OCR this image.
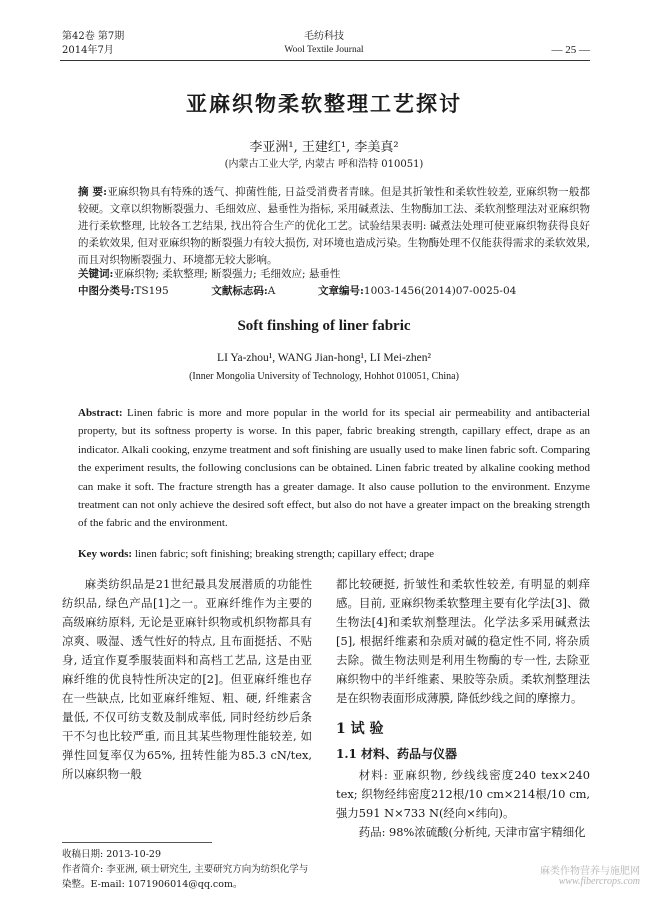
第42卷 第7期
2014年7月
毛纺科技
Wool Textile Journal	— 25 —
亚麻织物柔软整理工艺探讨
李亚洲¹, 王建红¹, 李美真²
(内蒙古工业大学, 内蒙古 呼和浩特 010051)
摘 要:亚麻织物具有特殊的透气、抑菌性能, 日益受消费者青睐。但是其折皱性和柔软性较差, 亚麻织物一般都较硬。文章以织物断裂强力、毛细效应、悬垂性为指标, 采用碱煮法、生物酶加工法、柔软剂整理法对亚麻织物进行柔软整理, 比较各工艺结果, 找出符合生产的优化工艺。试验结果表明: 碱煮法处理可使亚麻织物获得良好的柔软效果, 但对亚麻织物的断裂强力有较大损伤, 对环境也造成污染。生物酶处理不仅能获得需求的柔软效果, 而且对织物断裂强力、环境都无较大影响。
关键词:亚麻织物; 柔软整理; 断裂强力; 毛细效应; 悬垂性
中图分类号:TS195	文献标志码:A	文章编号:1003-1456(2014)07-0025-04
Soft finshing of liner fabric
LI Ya-zhou¹, WANG Jian-hong¹, LI Mei-zhen²
(Inner Mongolia University of Technology, Hohhot 010051, China)
Abstract: Linen fabric is more and more popular in the world for its special air permeability and antibacterial property, but its softness property is worse. In this paper, fabric breaking strength, capillary effect, drape as an indicator. Alkali cooking, enzyme treatment and soft finishing are usually used to make linen fabric soft. Comparing the experiment results, the following conclusions can be obtained. Linen fabric treated by alkaline cooking method can make it soft. The fracture strength has a greater damage. It also cause pollution to the environment. Enzyme treatment can not only achieve the desired soft effect, but also do not have a greater impact on the breaking strength of the fabric and the environment.
Key words: linen fabric; soft finishing; breaking strength; capillary effect; drape

麻类纺织品是21世纪最具发展潜质的功能性纺织品, 绿色产品[1]之一。亚麻纤维作为主要的高级麻纺原料, 无论是亚麻针织物或机织物都具有凉爽、吸湿、透气性好的特点, 且布面挺括、不贴身, 适宜作夏季服装面料和高档工艺品, 这是由亚麻纤维的优良特性所决定的[2]。但亚麻纤维也存在一些缺点, 比如亚麻纤维短、粗、硬, 纤维素含量低, 不仅可纺支数及制成率低, 同时经纺纱后条干不匀也比较严重, 而且其某些物理性能较差, 如弹性回复率仅为65%, 扭转性能为85.3 cN/tex, 所以麻织物一般

收稿日期: 2013-10-29

作者简介: 李亚洲, 硕士研究生, 主要研究方向为纺织化学与染整。E-mail: 1071906014@qq.com。

都比较硬挺, 折皱性和柔软性较差, 有明显的刺痒感。目前, 亚麻织物柔软整理主要有化学法[3]、微生物法[4]和柔软剂整理法。化学法多采用碱煮法[5], 根据纤维素和杂质对碱的稳定性不同, 将杂质去除。微生物法则是利用生物酶的专一性, 去除亚麻织物中的半纤维素、果胶等杂质。柔软剂整理法是在织物表面形成薄膜, 降低纱线之间的摩擦力。

1 试 验

1.1 材料、药品与仪器

材料: 亚麻织物, 纱线线密度240 tex×240 tex; 织物经纬密度212根/10 cm×214根/10 cm, 强力591 N×733 N(经向×纬向)。

药品: 98%浓硫酸(分析纯, 天津市富宇精细化

麻类作物营养与施肥网
www.fibercrops.com
